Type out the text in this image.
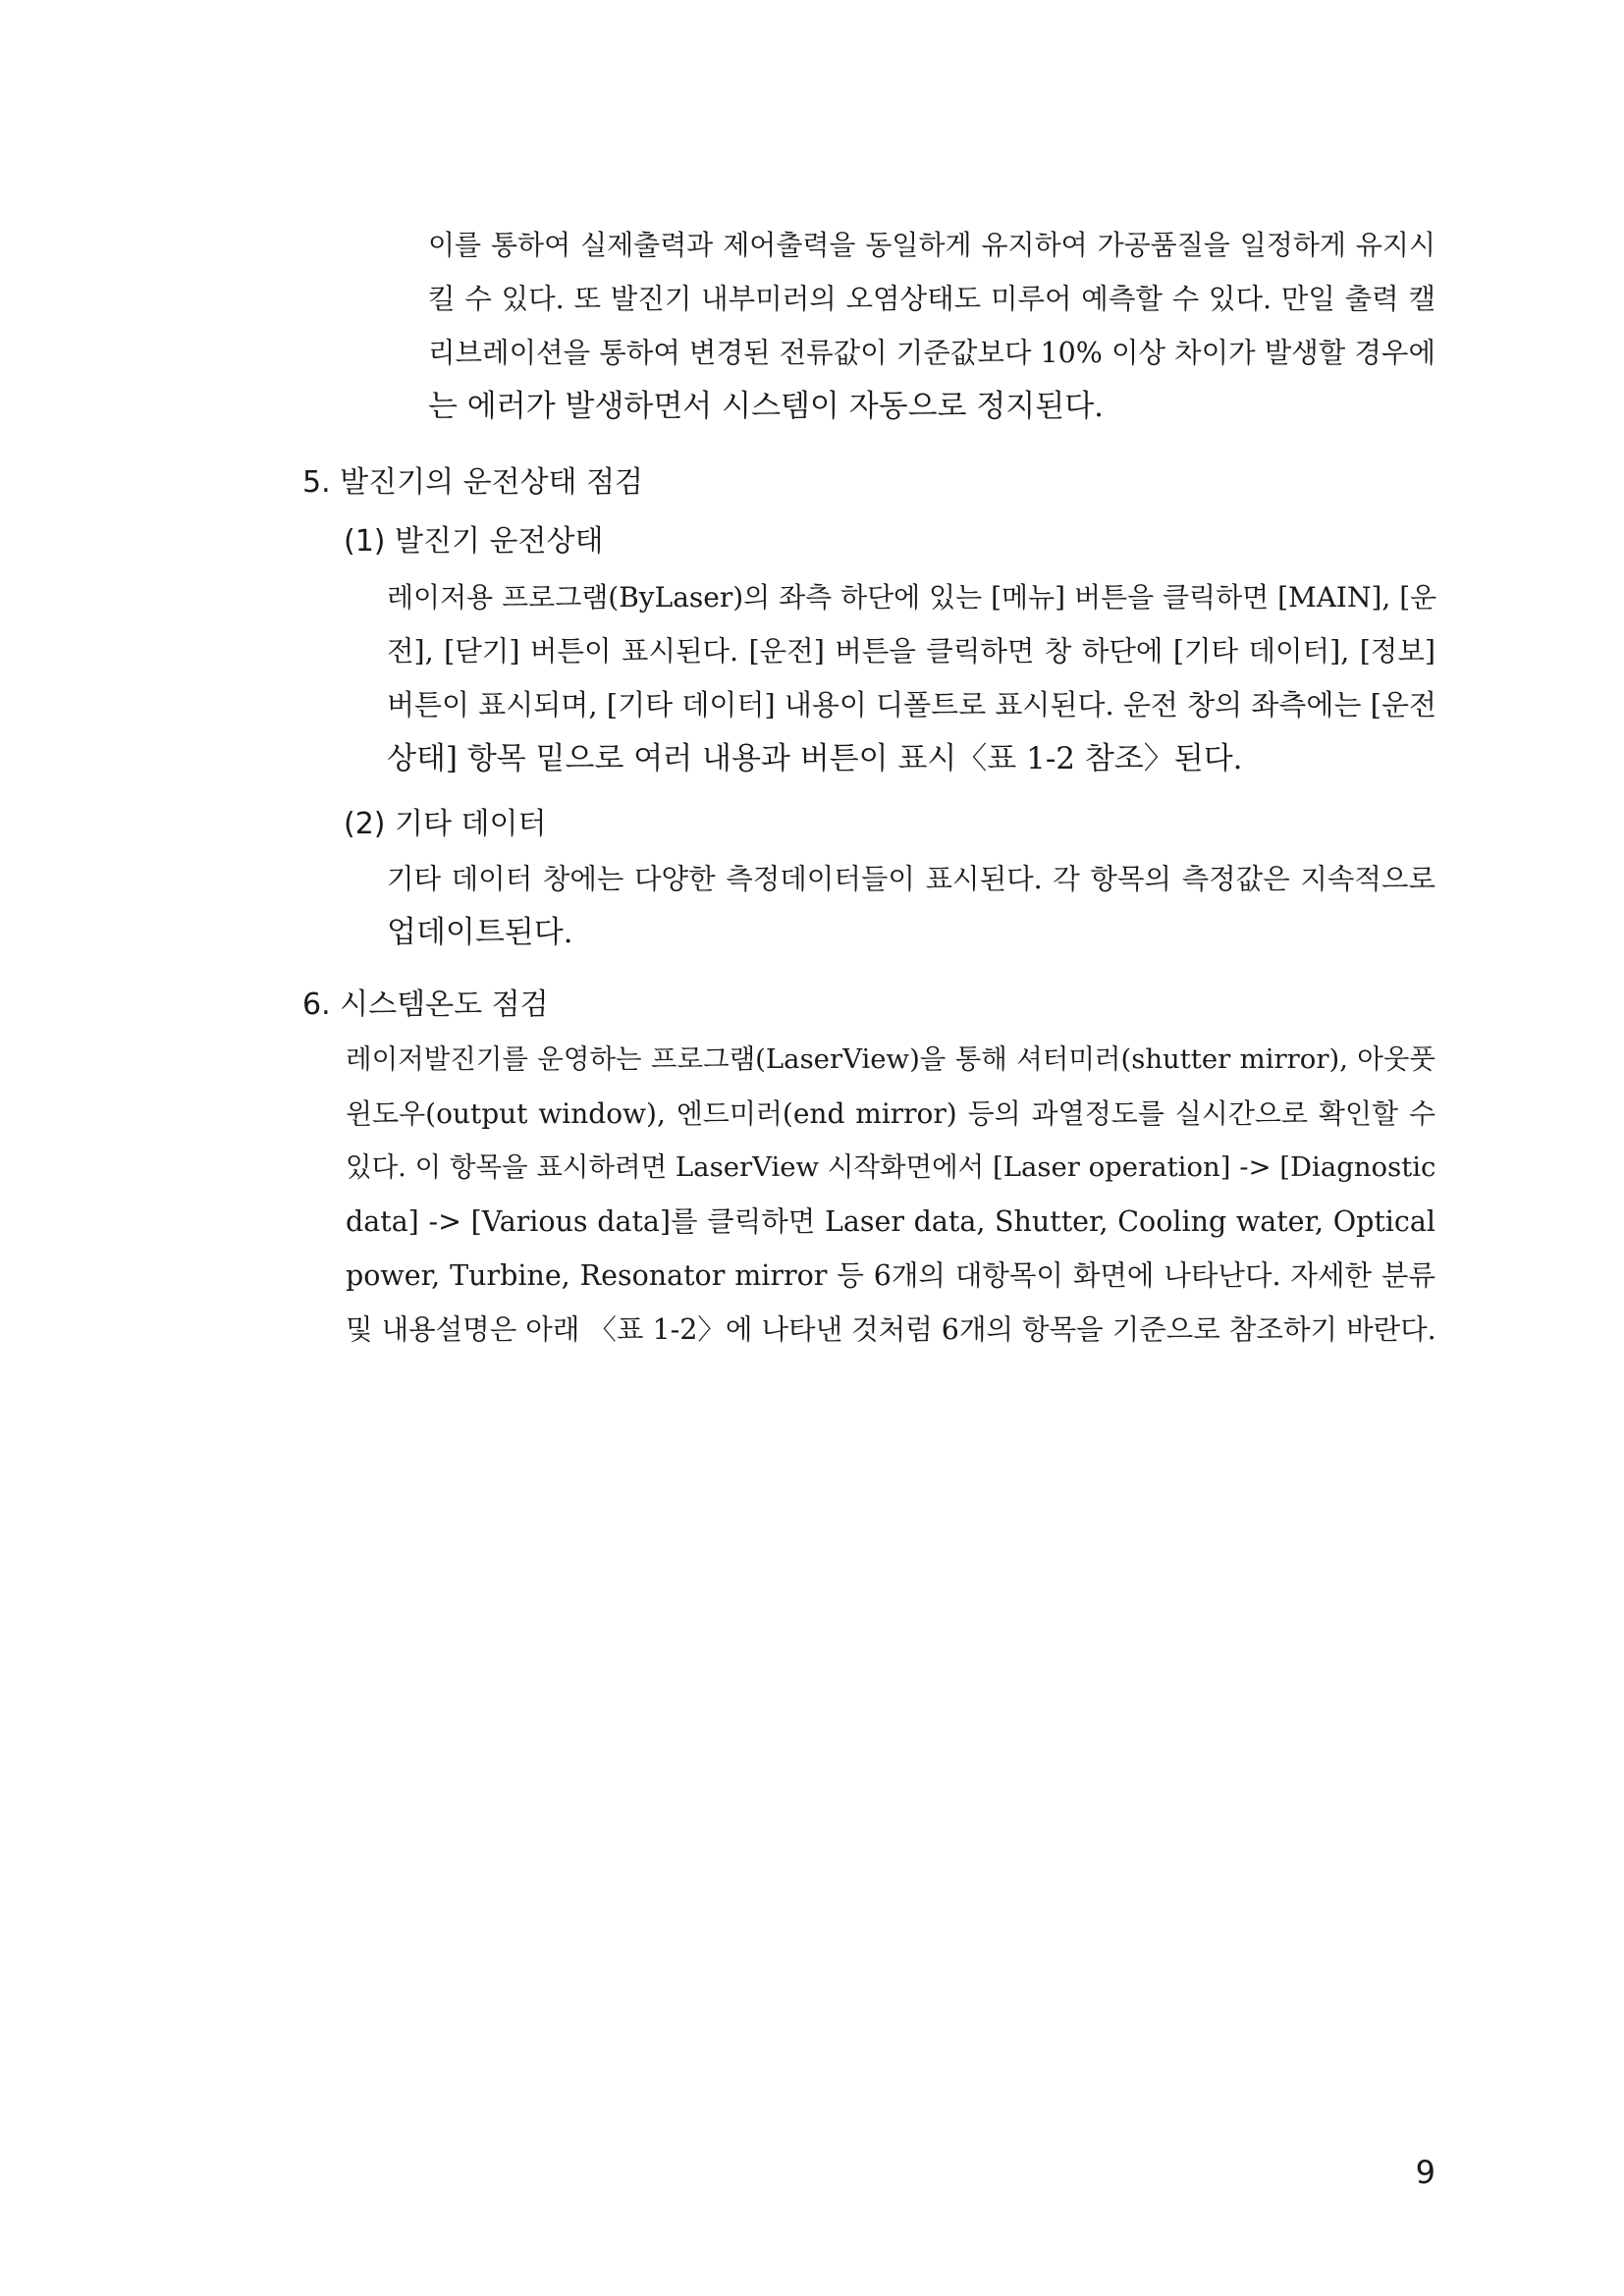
이를 통하여 실제출력과 제어출력을 동일하게 유지하여 가공품질을 일정하게 유지시

킬 수 있다. 또 발진기 내부미러의 오염상태도 미루어 예측할 수 있다. 만일 출력 캘

리브레이션을 통하여 변경된 전류값이 기준값보다 10% 이상 차이가 발생할 경우에

는 에러가 발생하면서 시스템이 자동으로 정지된다.

5. 발진기의 운전상태 점검
(1) 발진기 운전상태

레이저용 프로그램(ByLaser)의 좌측 하단에 있는 [메뉴] 버튼을 클릭하면 [MAIN], [운

전], [닫기] 버튼이 표시된다. [운전] 버튼을 클릭하면 창 하단에 [기타 데이터], [정보]

버튼이 표시되며, [기타 데이터] 내용이 디폴트로 표시된다. 운전 창의 좌측에는 [운전

상태] 항목 밑으로 여러 내용과 버튼이 표시〈표 1-2 참조〉된다.

(2) 기타 데이터

기타 데이터 창에는 다양한 측정데이터들이 표시된다. 각 항목의 측정값은 지속적으로

업데이트된다.

6. 시스템온도 점검

레이저발진기를 운영하는 프로그램(LaserView)을 통해 셔터미러(shutter mirror), 아웃풋

윈도우(output window), 엔드미러(end mirror) 등의 과열정도를 실시간으로 확인할 수

있다. 이 항목을 표시하려면 LaserView 시작화면에서 [Laser operation] -> [Diagnostic

data] -> [Various data]를 클릭하면 Laser data, Shutter, Cooling water, Optical

power, Turbine, Resonator mirror 등 6개의 대항목이 화면에 나타난다. 자세한 분류

및 내용설명은 아래 〈표 1-2〉에 나타낸 것처럼 6개의 항목을 기준으로 참조하기 바란다.

9
